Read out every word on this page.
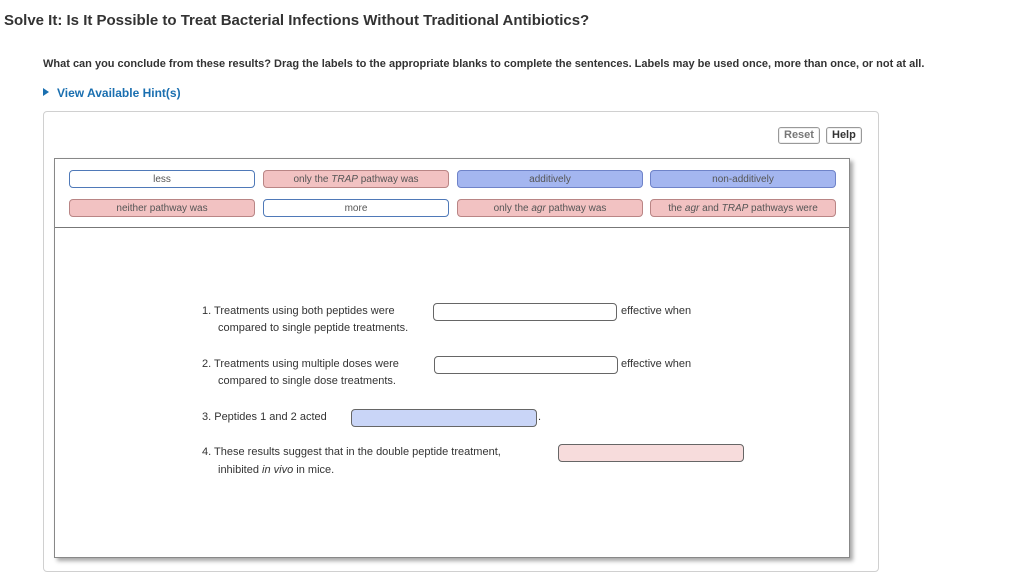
Solve It: Is It Possible to Treat Bacterial Infections Without Traditional Antibiotics?
What can you conclude from these results? Drag the labels to the appropriate blanks to complete the sentences. Labels may be used once, more than once, or not at all.
View Available Hint(s)
Reset	Help
less	only the TRAP pathway was	additively	non-additively
neither pathway was	more	only the agr pathway was	the agr and TRAP pathways were
1. Treatments using both peptides were	effective when
compared to single peptide treatments.
2. Treatments using multiple doses were	effective when
compared to single dose treatments.
3. Peptides 1 and 2 acted	.
4. These results suggest that in the double peptide treatment,
inhibited in vivo in mice.
